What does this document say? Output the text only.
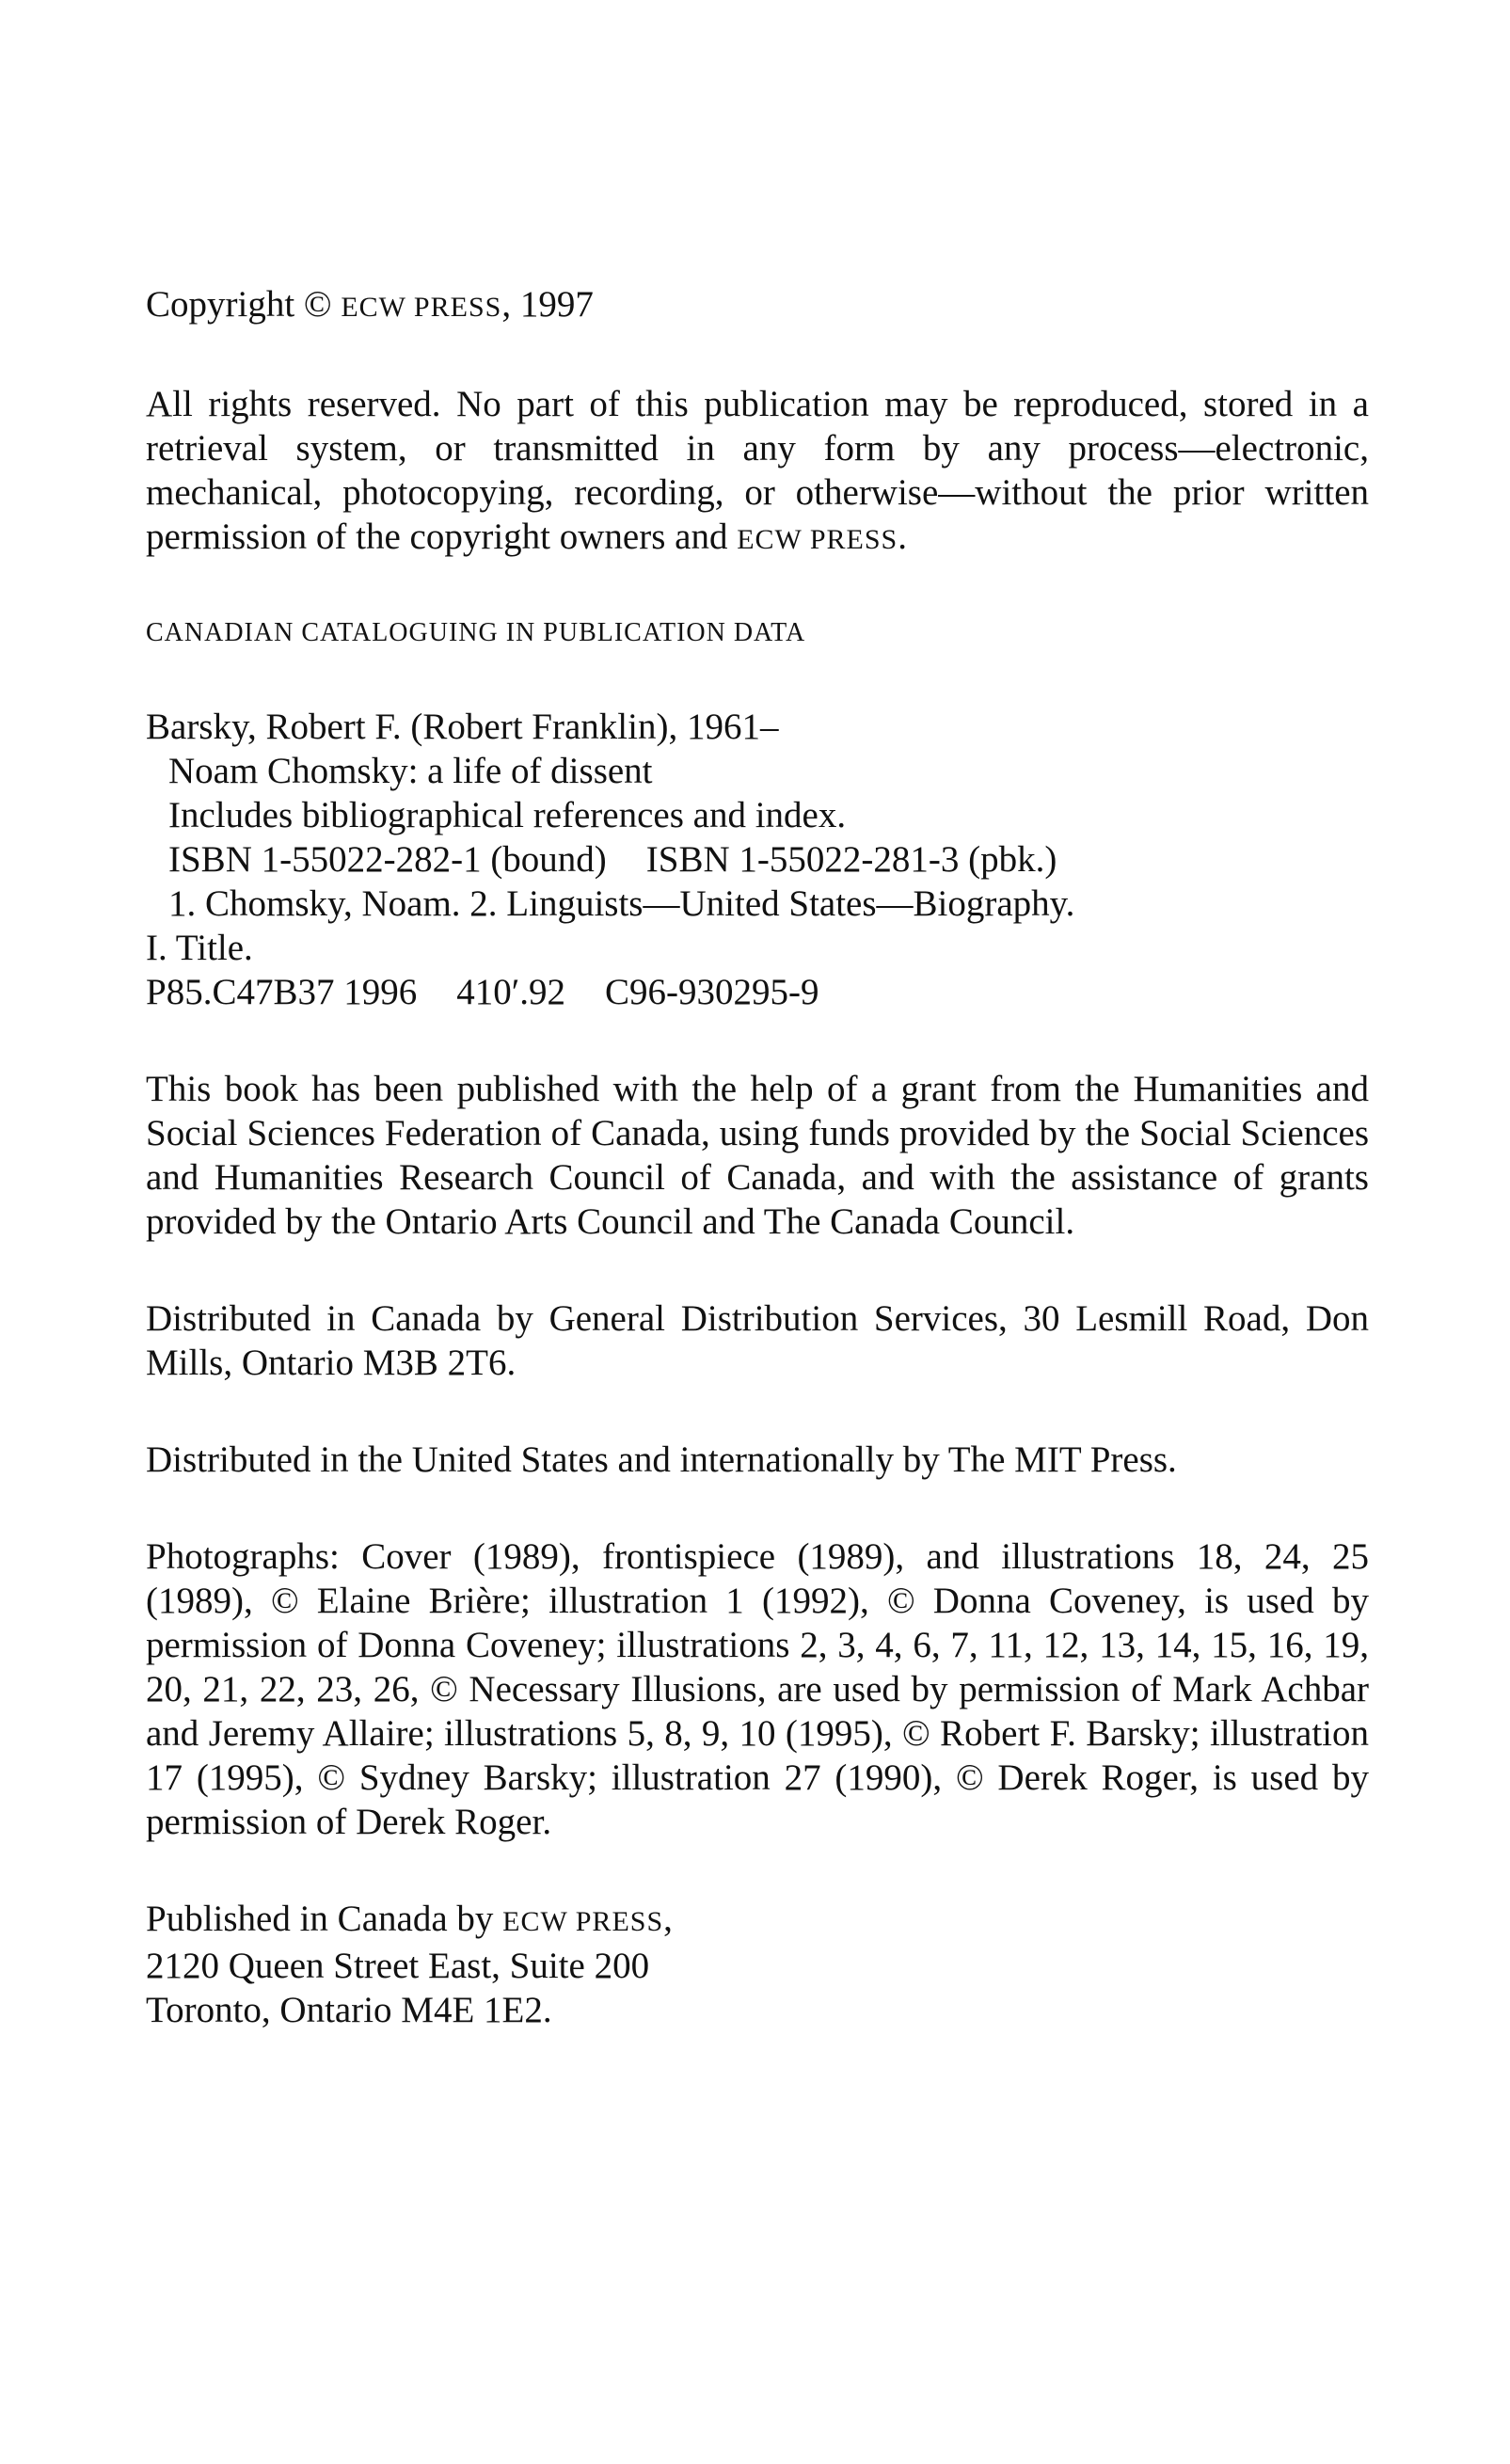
Copyright © ECW PRESS, 1997

All rights reserved. No part of this publication may be reproduced, stored in a retrieval system, or transmitted in any form by any process—electronic, mechanical, photocopying, recording, or otherwise—without the prior written permission of the copyright owners and ECW PRESS.

CANADIAN CATALOGUING IN PUBLICATION DATA

Barsky, Robert F. (Robert Franklin), 1961–
Noam Chomsky: a life of dissent
Includes bibliographical references and index.
ISBN 1-55022-282-1 (bound) ISBN 1-55022-281-3 (pbk.)
1. Chomsky, Noam. 2. Linguists—United States—Biography.
I. Title.
P85.C47B37 1996 410′.92 C96-930295-9

This book has been published with the help of a grant from the Humanities and Social Sciences Federation of Canada, using funds provided by the Social Sciences and Humanities Research Council of Canada, and with the assistance of grants provided by the Ontario Arts Council and The Canada Council.

Distributed in Canada by General Distribution Services, 30 Lesmill Road, Don Mills, Ontario M3B 2T6.

Distributed in the United States and internationally by The MIT Press.

Photographs: Cover (1989), frontispiece (1989), and illustrations 18, 24, 25 (1989), © Elaine Brière; illustration 1 (1992), © Donna Coveney, is used by permission of Donna Coveney; illustrations 2, 3, 4, 6, 7, 11, 12, 13, 14, 15, 16, 19, 20, 21, 22, 23, 26, © Necessary Illusions, are used by permission of Mark Achbar and Jeremy Allaire; illustrations 5, 8, 9, 10 (1995), © Robert F. Barsky; illustration 17 (1995), © Sydney Barsky; illustration 27 (1990), © Derek Roger, is used by permission of Derek Roger.

Published in Canada by ECW PRESS,
2120 Queen Street East, Suite 200
Toronto, Ontario M4E 1E2.
